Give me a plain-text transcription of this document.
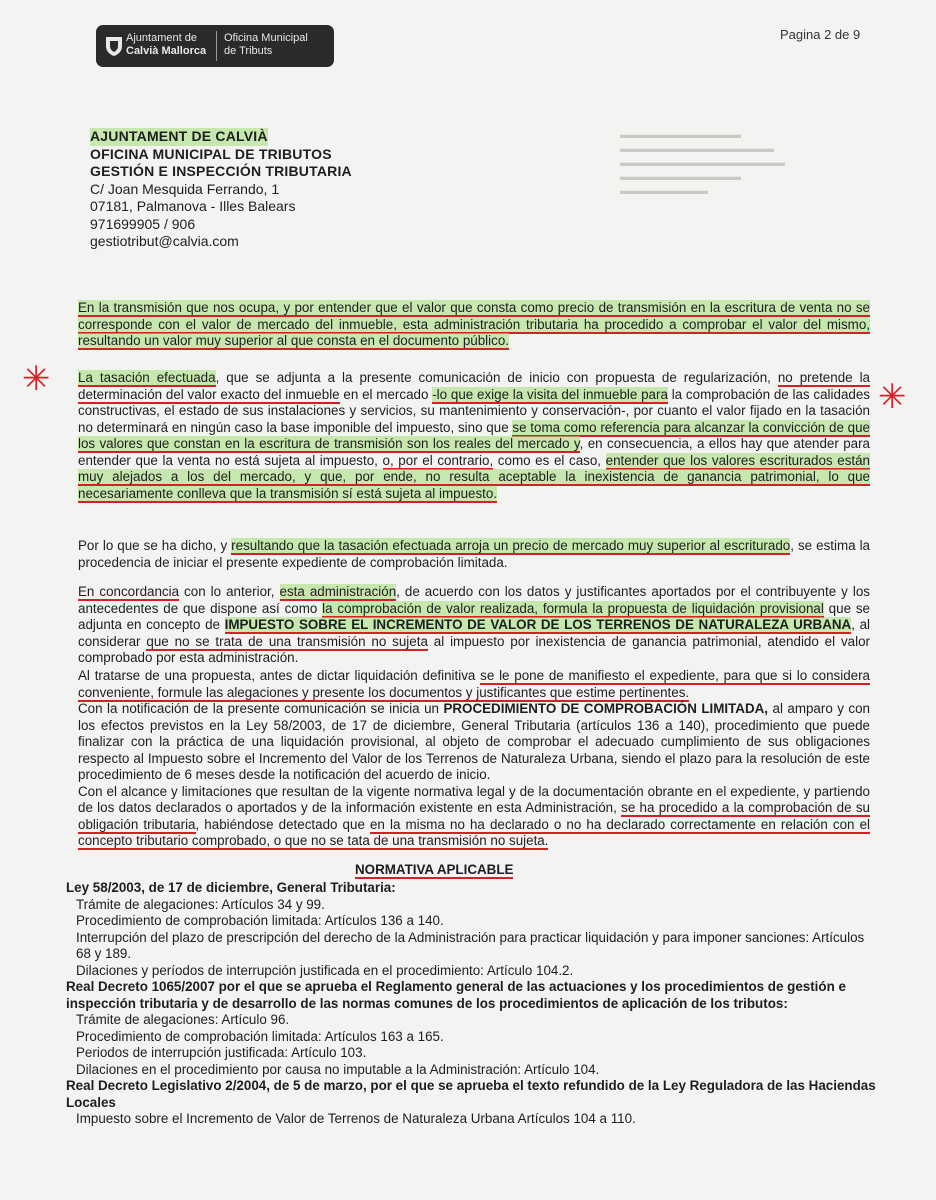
▬▬▬▬▬▬▬▬▬▬▬
▬▬▬▬▬▬▬▬▬▬▬▬▬▬
▬▬▬▬▬▬▬▬▬▬▬▬▬▬▬
▬▬▬▬▬▬▬▬▬▬▬
▬▬▬▬▬▬▬▬
Ajuntament de
Calvià Mallorca
Oficina Municipal
de Tributs
Pagina 2 de 9
AJUNTAMENT DE CALVIÀ
OFICINA MUNICIPAL DE TRIBUTOS
GESTIÓN E INSPECCIÓN TRIBUTARIA
C/ Joan Mesquida Ferrando, 1
07181, Palmanova - Illes Balears
971699905 / 906
gestiotribut@calvia.com
En la transmisión que nos ocupa, y por entender que el valor que consta como precio de transmisión en la escritura de venta no se corresponde con el valor de mercado del inmueble, esta administración tributaria ha procedido a comprobar el valor del mismo, resultando un valor muy superior al que consta en el documento público.
✳	✳
La tasación efectuada, que se adjunta a la presente comunicación de inicio con propuesta de regularización, no pretende la determinación del valor exacto del inmueble en el mercado -lo que exige la visita del inmueble para la comprobación de las calidades constructivas, el estado de sus instalaciones y servicios, su mantenimiento y conservación-, por cuanto el valor fijado en la tasación no determinará en ningún caso la base imponible del impuesto, sino que se toma como referencia para alcanzar la convicción de que los valores que constan en la escritura de transmisión son los reales del mercado y, en consecuencia, a ellos hay que atender para entender que la venta no está sujeta al impuesto, o, por el contrario, como es el caso, entender que los valores escriturados están muy alejados a los del mercado, y que, por ende, no resulta aceptable la inexistencia de ganancia patrimonial, lo que necesariamente conlleva que la transmisión sí está sujeta al impuesto.
Por lo que se ha dicho, y resultando que la tasación efectuada arroja un precio de mercado muy superior al escriturado, se estima la procedencia de iniciar el presente expediente de comprobación limitada.
En concordancia con lo anterior, esta administración, de acuerdo con los datos y justificantes aportados por el contribuyente y los antecedentes de que dispone así como la comprobación de valor realizada, formula la propuesta de liquidación provisional que se adjunta en concepto de IMPUESTO SOBRE EL INCREMENTO DE VALOR DE LOS TERRENOS DE NATURALEZA URBANA, al considerar que no se trata de una transmisión no sujeta al impuesto por inexistencia de ganancia patrimonial, atendido el valor comprobado por esta administración.
Al tratarse de una propuesta, antes de dictar liquidación definitiva se le pone de manifiesto el expediente, para que si lo considera conveniente, formule las alegaciones y presente los documentos y justificantes que estime pertinentes.
Con la notificación de la presente comunicación se inicia un PROCEDIMIENTO DE COMPROBACIÓN LIMITADA, al amparo y con los efectos previstos en la Ley 58/2003, de 17 de diciembre, General Tributaria (artículos 136 a 140), procedimiento que puede finalizar con la práctica de una liquidación provisional, al objeto de comprobar el adecuado cumplimiento de sus obligaciones respecto al Impuesto sobre el Incremento del Valor de los Terrenos de Naturaleza Urbana, siendo el plazo para la resolución de este procedimiento de 6 meses desde la notificación del acuerdo de inicio.
Con el alcance y limitaciones que resultan de la vigente normativa legal y de la documentación obrante en el expediente, y partiendo de los datos declarados o aportados y de la información existente en esta Administración, se ha procedido a la comprobación de su obligación tributaria, habiéndose detectado que en la misma no ha declarado o no ha declarado correctamente en relación con el concepto tributario comprobado, o que no se tata de una transmisión no sujeta.
NORMATIVA APLICABLE
Ley 58/2003, de 17 de diciembre, General Tributaria:
Trámite de alegaciones: Artículos 34 y 99.
Procedimiento de comprobación limitada: Artículos 136 a 140.
Interrupción del plazo de prescripción del derecho de la Administración para practicar liquidación y para imponer sanciones: Artículos 68 y 189.
Dilaciones y períodos de interrupción justificada en el procedimiento: Artículo 104.2.
Real Decreto 1065/2007 por el que se aprueba el Reglamento general de las actuaciones y los procedimientos de gestión e inspección tributaria y de desarrollo de las normas comunes de los procedimientos de aplicación de los tributos:
Trámite de alegaciones: Artículo 96.
Procedimiento de comprobación limitada: Artículos 163 a 165.
Periodos de interrupción justificada: Artículo 103.
Dilaciones en el procedimiento por causa no imputable a la Administración: Artículo 104.
Real Decreto Legislativo 2/2004, de 5 de marzo, por el que se aprueba el texto refundido de la Ley Reguladora de las Haciendas Locales
Impuesto sobre el Incremento de Valor de Terrenos de Naturaleza Urbana Artículos 104 a 110.
